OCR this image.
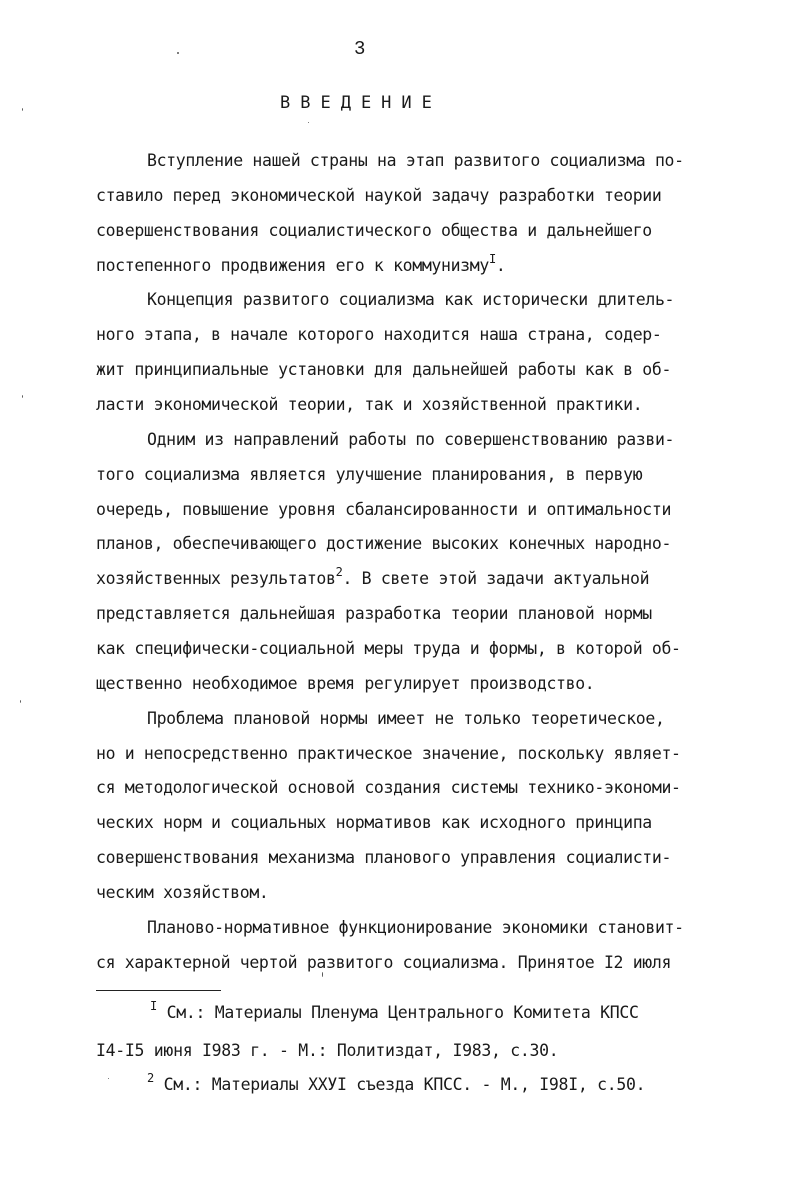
3
ВВЕДЕНИЕ
Вступление нашей страны на этап развитого социализма по-
ставило перед экономической наукой задачу разработки теории
совершенствования социалистического общества и дальнейшего
постепенного продвижения его к коммунизму$^I$.
Концепция развитого социализма как исторически длитель-
ного этапа, в начале которого находится наша страна, содер-
жит принципиальные установки для дальнейшей работы как в об-
ласти экономической теории, так и хозяйственной практики.
Одним из направлений работы по совершенствованию разви-
того социализма является улучшение планирования, в первую
очередь, повышение уровня сбалансированности и оптимальности
планов, обеспечивающего достижение высоких конечных народно-
хозяйственных результатов$^2$. В свете этой задачи актуальной
представляется дальнейшая разработка теории плановой нормы
как специфически-социальной меры труда и формы, в которой об-
щественно необходимое время регулирует производство.
Проблема плановой нормы имеет не только теоретическое,
но и непосредственно практическое значение, поскольку являет-
ся методологической основой создания системы технико-экономи-
ческих норм и социальных нормативов как исходного принципа
совершенствования механизма планового управления социалисти-
ческим хозяйством.
Планово-нормативное функционирование экономики становит-
ся характерной чертой развитого социализма. Принятое I2 июля
$^I$ См.: Материалы Пленума Центрального Комитета КПСС
I4-I5 июня I983 г. - М.: Политиздат, I983, с.30.
$^2$ См.: Материалы XXУI съезда КПСС. - М., I98I, с.50.
